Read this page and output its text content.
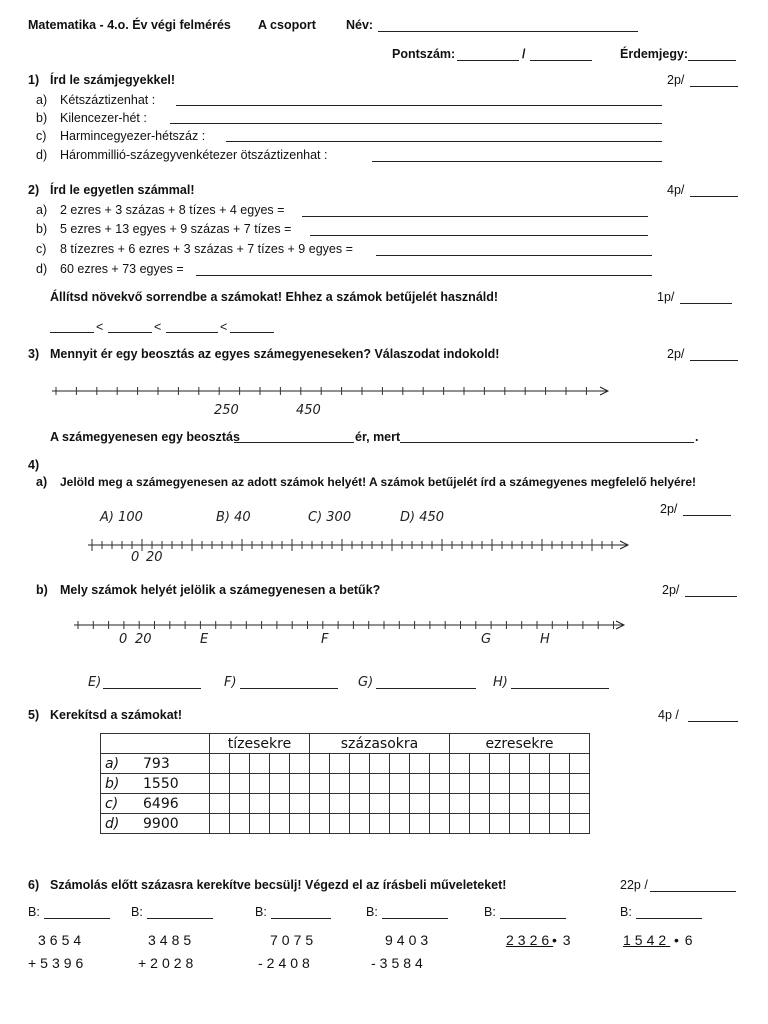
Matematika - 4.o. Év végi felmérés A csoport Név:
Pontszám:	/	Érdemjegy:
1) Írd le számjegyekkel!	2p/
a) Kétszáztizenhat :
b) Kilencezer-hét :
c) Harmincegyezer-hétszáz :
d) Hárommillió-százegyvenkétezer ötszáztizenhat :
2) Írd le egyetlen számmal!	4p/
a) 2 ezres + 3 százas + 8 tízes + 4 egyes =
b) 5 ezres + 13 egyes + 9 százas + 7 tízes =
c) 8 tízezres + 6 ezres + 3 százas + 7 tízes + 9 egyes =
d) 60 ezres + 73 egyes =
Állítsd növekvő sorrendbe a számokat! Ehhez a számok betűjelét használd!	1p/
<	<	<
3) Mennyit ér egy beosztás az egyes számegyeneseken? Válaszodat indokold!	2p/
250	450
A számegyenesen egy beosztás	ér, mert	.
4)
a) Jelöld meg a számegyenesen az adott számok helyét! A számok betűjelét írd a számegyenes megfelelő helyére!
2p/
A) 100	B) 40	C) 300	D) 450
0 20
b) Mely számok helyét jelölik a számegyenesen a betűk?	2p/
0 20	E	F	G	H
E)	F)	G)	H)
5) Kerekítsd a számokat!	4p /
	tízesekre					százasokra							ezresekre						
a) 793																			
b) 1550																			
c) 6496																			
d) 9900																			
6) Számolás előtt százasra kerekítve becsülj! Végezd el az írásbeli műveleteket!	22p /
B:	B:	B:	B:	B:	B:
3654
+5396
3485
+2028
7075
-2408
9403
-3584
2326
• 3	1542 • 6
